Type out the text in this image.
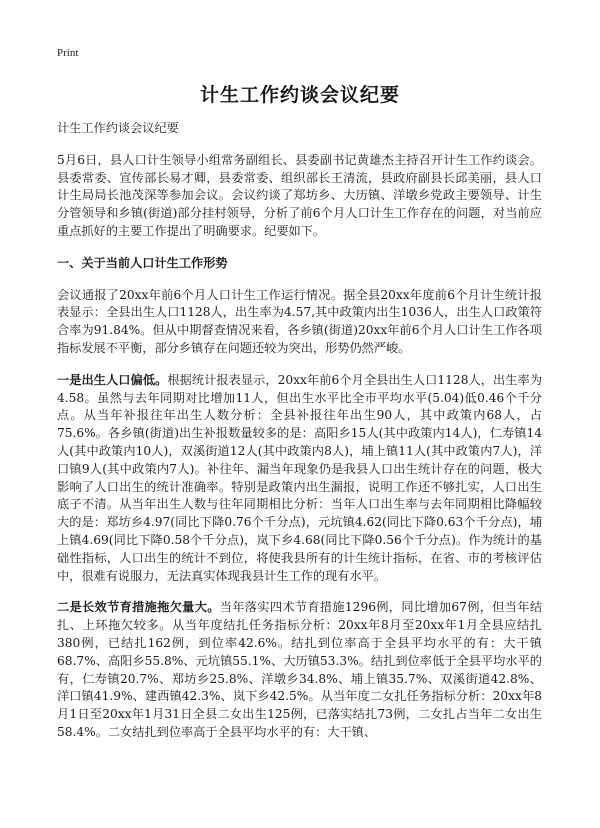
Print
计生工作约谈会议纪要

计生工作约谈会议纪要

5月6日，县人口计生领导小组常务副组长、县委副书记黄雄杰主持召开计生工作约谈会。县委常委、宣传部长易才卿，县委常委、组织部长王清流，县政府副县长邱美丽，县人口计生局局长池茂深等参加会议。会议约谈了郑坊乡、大历镇、洋墩乡党政主要领导、计生分管领导和乡镇(街道)部分挂村领导，分析了前6个月人口计生工作存在的问题，对当前应重点抓好的主要工作提出了明确要求。纪要如下。

一、关于当前人口计生工作形势

会议通报了20xx年前6个月人口计生工作运行情况。据全县20xx年度前6个月计生统计报表显示：全县出生人口1128人，出生率为4.57,其中政策内出生1036人，出生人口政策符合率为91.84%。但从中期督查情况来看，各乡镇(街道)20xx年前6个月人口计生工作各项指标发展不平衡，部分乡镇存在问题还较为突出，形势仍然严峻。

一是出生人口偏低。根据统计报表显示，20xx年前6个月全县出生人口1128人，出生率为4.58。虽然与去年同期对比增加11人，但出生水平比全市平均水平(5.04)低0.46个千分点。从当年补报往年出生人数分析：全县补报往年出生90人，其中政策内68人，占75.6%。各乡镇(街道)出生补报数量较多的是：高阳乡15人(其中政策内14人)，仁寿镇14人(其中政策内10人)，双溪街道12人(其中政策内8人)，埔上镇11人(其中政策内7人)，洋口镇9人(其中政策内7人)。补往年、漏当年现象仍是我县人口出生统计存在的问题，极大影响了人口出生的统计准确率。特别是政策内出生漏报，说明工作还不够扎实，人口出生底子不清。从当年出生人数与往年同期相比分析：当年人口出生率与去年同期相比降幅较大的是：郑坊乡4.97(同比下降0.76个千分点)，元坑镇4.62(同比下降0.63个千分点)，埔上镇4.69(同比下降0.58个千分点)，岚下乡4.68(同比下降0.56个千分点)。作为统计的基础性指标，人口出生的统计不到位，将使我县所有的计生统计指标，在省、市的考核评估中，很难有说服力，无法真实体现我县计生工作的现有水平。

二是长效节育措施拖欠量大。当年落实四术节育措施1296例，同比增加67例，但当年结扎、上环拖欠较多。从当年度结扎任务指标分析：20xx年8月至20xx年1月全县应结扎380例，已结扎162例，到位率42.6%。结扎到位率高于全县平均水平的有：大干镇68.7%、高阳乡55.8%、元坑镇55.1%、大历镇53.3%。结扎到位率低于全县平均水平的有，仁寿镇20.7%、郑坊乡25.8%、洋墩乡34.8%、埔上镇35.7%、双溪街道42.8%、洋口镇41.9%、建西镇42.3%、岚下乡42.5%。从当年度二女扎任务指标分析：20xx年8月1日至20xx年1月31日全县二女出生125例，已落实结扎73例，二女扎占当年二女出生58.4%。二女结扎到位率高于全县平均水平的有：大干镇、
